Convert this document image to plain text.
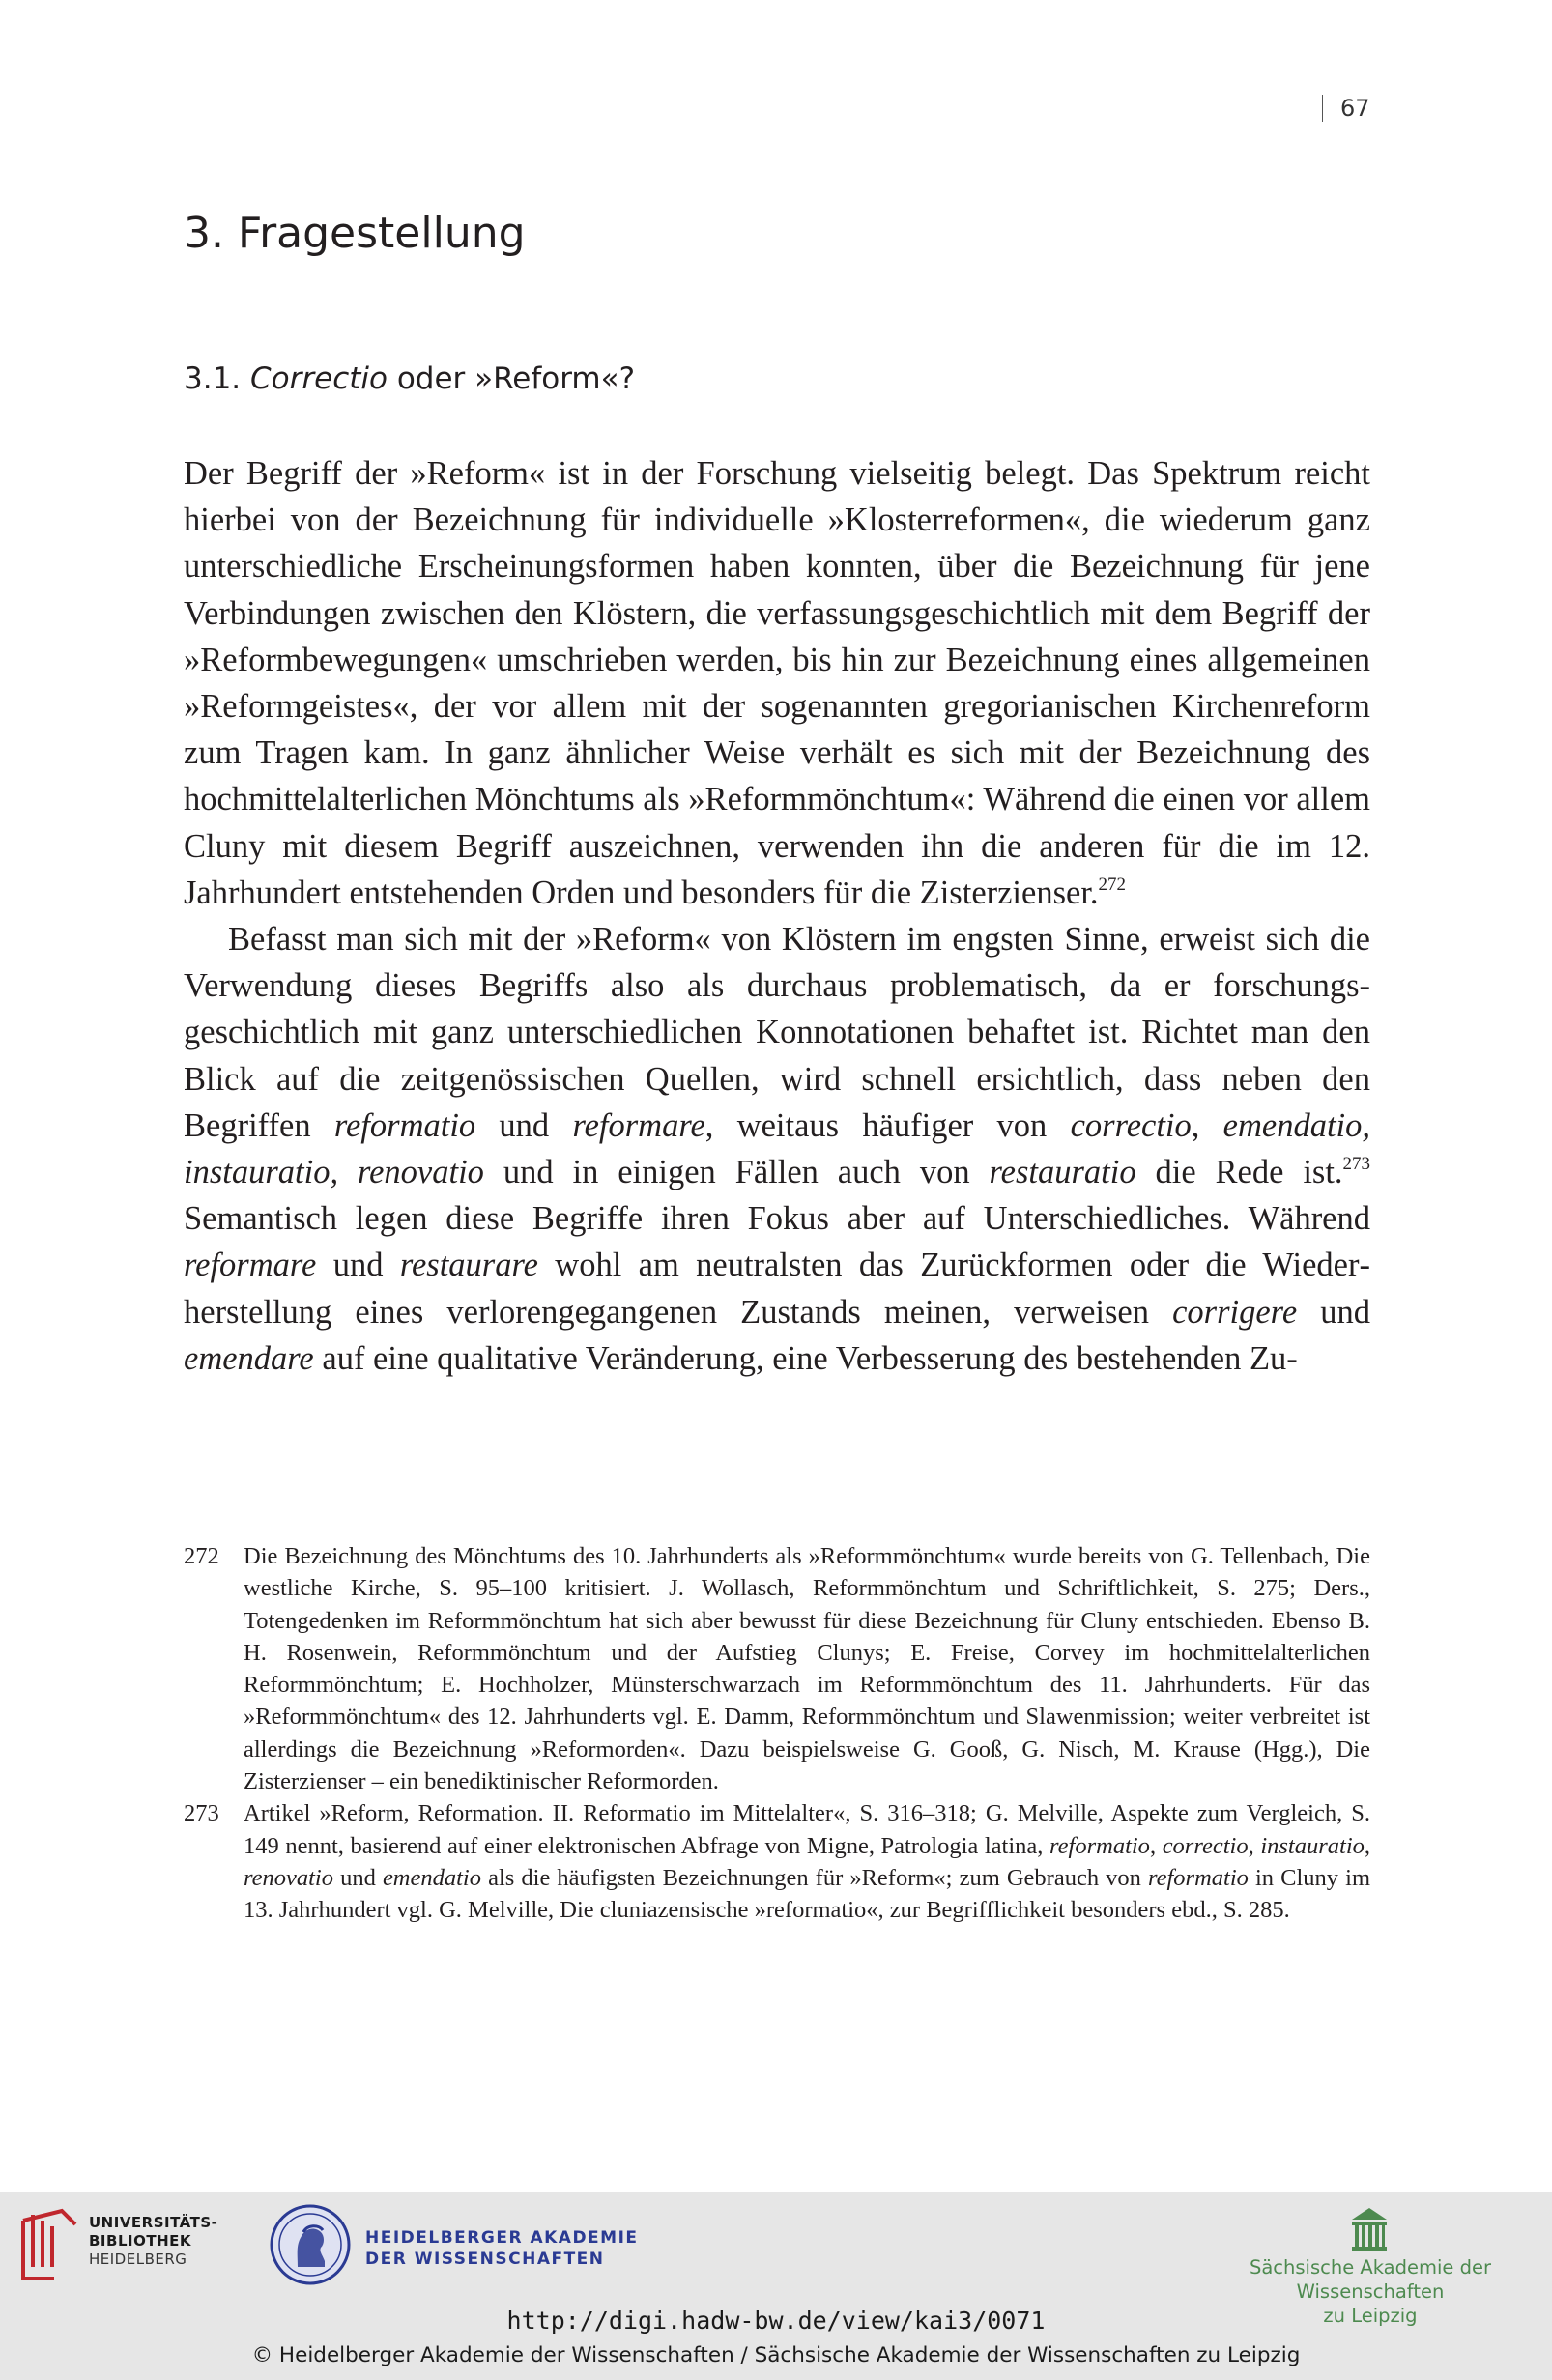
67
3. Fragestellung
3.1. Correctio oder »Reform«?

Der Begriff der »Reform« ist in der Forschung vielseitig belegt. Das Spektrum reicht hierbei von der Bezeichnung für individuelle »Klosterreformen«, die wiederum ganz unterschiedliche Erscheinungsformen haben konnten, über die Bezeichnung für jene Verbindungen zwischen den Klöstern, die verfassungsgeschichtlich mit dem Begriff der »Reformbewegungen« umschrieben werden, bis hin zur Bezeichnung eines allgemeinen »Reformgeistes«, der vor allem mit der sogenannten gregorianischen Kirchenreform zum Tragen kam. In ganz ähnlicher Weise verhält es sich mit der Bezeichnung des hochmittelalterlichen Mönchtums als »Reformmönchtum«: Während die einen vor allem Cluny mit diesem Begriff auszeichnen, verwenden ihn die anderen für die im 12. Jahrhundert entstehenden Orden und besonders für die Zisterzienser.$^{272}$

Befasst man sich mit der »Reform« von Klöstern im engsten Sinne, erweist sich die Verwendung dieses Begriffs also als durchaus problematisch, da er forschungsgeschichtlich mit ganz unterschiedlichen Konnotationen behaftet ist. Richtet man den Blick auf die zeitgenössischen Quellen, wird schnell ersichtlich, dass neben den Begriffen reformatio und reformare, weitaus häufiger von correctio, emendatio, instauratio, renovatio und in einigen Fällen auch von restauratio die Rede ist.$^{273}$ Semantisch legen diese Begriffe ihren Fokus aber auf Unterschiedliches. Während reformare und restaurare wohl am neutralsten das Zurückformen oder die Wiederherstellung eines verlorengegangenen Zustands meinen, verweisen corrigere und emendare auf eine qualitative Veränderung, eine Verbesserung des bestehenden Zu-

272	Die Bezeichnung des Mönchtums des 10. Jahrhunderts als »Reformmönchtum« wurde bereits von G. Tellenbach, Die westliche Kirche, S. 95–100 kritisiert. J. Wollasch, Reformmönchtum und Schriftlichkeit, S. 275; Ders., Totengedenken im Reformmönchtum hat sich aber bewusst für diese Bezeichnung für Cluny entschieden. Ebenso B. H. Rosenwein, Reformmönchtum und der Aufstieg Clunys; E. Freise, Corvey im hochmittelalterlichen Reformmönchtum; E. Hochholzer, Münsterschwarzach im Reformmönchtum des 11. Jahrhunderts. Für das »Reformmönchtum« des 12. Jahrhunderts vgl. E. Damm, Reformmönchtum und Slawenmission; weiter verbreitet ist allerdings die Bezeichnung »Reformorden«. Dazu beispielsweise G. Gooß, G. Nisch, M. Krause (Hgg.), Die Zisterzienser – ein benediktinischer Reformorden.
273	Artikel »Reform, Reformation. II. Reformatio im Mittelalter«, S. 316–318; G. Melville, Aspekte zum Vergleich, S. 149 nennt, basierend auf einer elektronischen Abfrage von Migne, Patrologia latina, reformatio, correctio, instauratio, renovatio und emendatio als die häufigsten Bezeichnungen für »Reform«; zum Gebrauch von reformatio in Cluny im 13. Jahrhundert vgl. G. Melville, Die cluniazensische »reformatio«, zur Begrifflichkeit besonders ebd., S. 285.
UNIVERSITÄTS-
BIBLIOTHEK
HEIDELBERG
HEIDELBERGER AKADEMIE
DER WISSENSCHAFTEN	Sächsische Akademie der Wissenschaften
zu Leipzig
http://digi.hadw-bw.de/view/kai3/0071
© Heidelberger Akademie der Wissenschaften / Sächsische Akademie der Wissenschaften zu Leipzig
